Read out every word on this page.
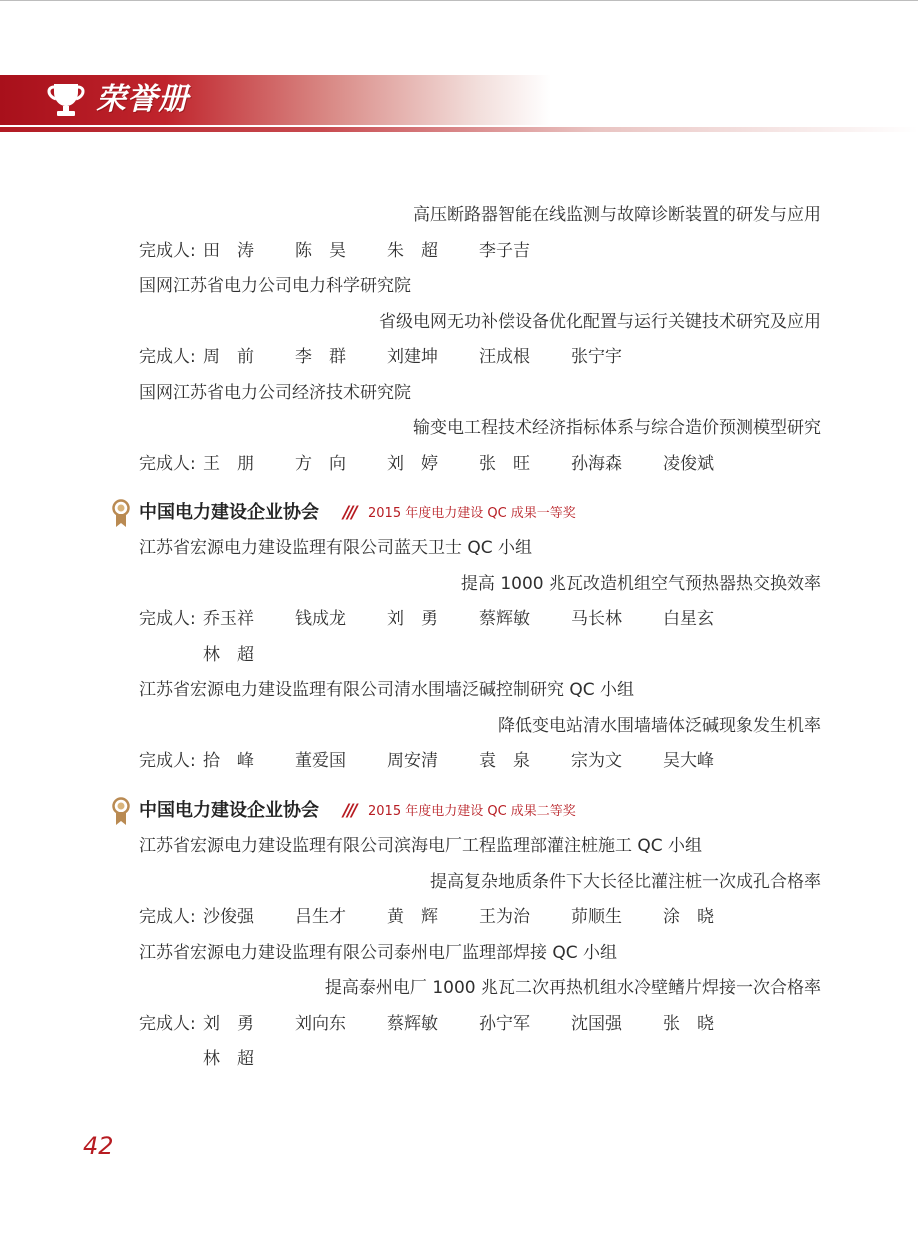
荣誉册
高压断路器智能在线监测与故障诊断装置的研发与应用
完成人: 田　涛 陈　昊 朱　超 李子吉
国网江苏省电力公司电力科学研究院
省级电网无功补偿设备优化配置与运行关键技术研究及应用
完成人: 周　前 李　群 刘建坤 汪成根 张宁宇
国网江苏省电力公司经济技术研究院
输变电工程技术经济指标体系与综合造价预测模型研究
完成人: 王　朋 方　向 刘　婷 张　旺 孙海森 凌俊斌
中国电力建设企业协会 /// 2015 年度电力建设 QC 成果一等奖
江苏省宏源电力建设监理有限公司蓝天卫士 QC 小组
提高 1000 兆瓦改造机组空气预热器热交换效率
完成人: 乔玉祥 钱成龙 刘　勇 蔡辉敏 马长林 白星玄
林　超
江苏省宏源电力建设监理有限公司清水围墙泛碱控制研究 QC 小组
降低变电站清水围墙墙体泛碱现象发生机率
完成人: 拾　峰 董爱国 周安清 袁　泉 宗为文 吴大峰
中国电力建设企业协会 /// 2015 年度电力建设 QC 成果二等奖
江苏省宏源电力建设监理有限公司滨海电厂工程监理部灌注桩施工 QC 小组
提高复杂地质条件下大长径比灌注桩一次成孔合格率
完成人: 沙俊强 吕生才 黄　辉 王为治 茆顺生 涂　晓
江苏省宏源电力建设监理有限公司泰州电厂监理部焊接 QC 小组
提高泰州电厂 1000 兆瓦二次再热机组水冷壁鳍片焊接一次合格率
完成人: 刘　勇 刘向东 蔡辉敏 孙宁军 沈国强 张　晓
林　超
42
